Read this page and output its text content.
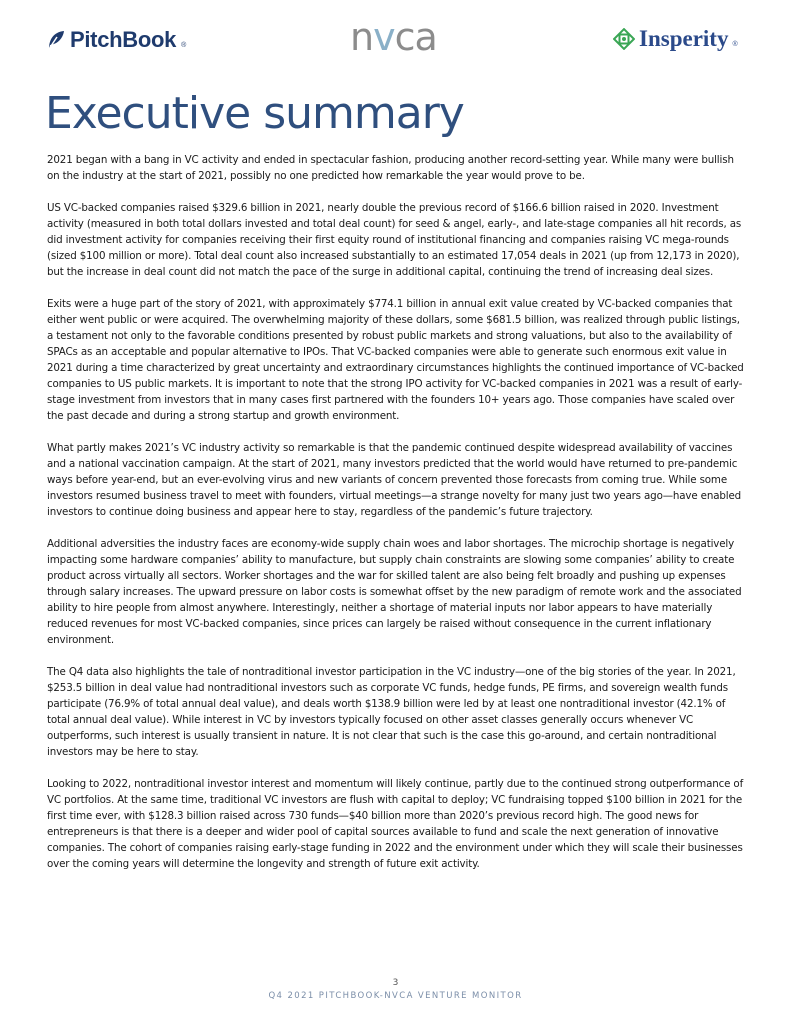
PitchBook ®	nvca	Insperity ®
Executive summary

2021 began with a bang in VC activity and ended in spectacular fashion, producing another record-setting year. While many were bullish on the industry at the start of 2021, possibly no one predicted how remarkable the year would prove to be.

US VC-backed companies raised $329.6 billion in 2021, nearly double the previous record of $166.6 billion raised in 2020. Investment activity (measured in both total dollars invested and total deal count) for seed & angel, early-, and late-stage companies all hit records, as did investment activity for companies receiving their first equity round of institutional financing and companies raising VC mega-rounds (sized $100 million or more). Total deal count also increased substantially to an estimated 17,054 deals in 2021 (up from 12,173 in 2020), but the increase in deal count did not match the pace of the surge in additional capital, continuing the trend of increasing deal sizes.

Exits were a huge part of the story of 2021, with approximately $774.1 billion in annual exit value created by VC-backed companies that either went public or were acquired. The overwhelming majority of these dollars, some $681.5 billion, was realized through public listings, a testament not only to the favorable conditions presented by robust public markets and strong valuations, but also to the availability of SPACs as an acceptable and popular alternative to IPOs. That VC-backed companies were able to generate such enormous exit value in 2021 during a time characterized by great uncertainty and extraordinary circumstances highlights the continued importance of VC-backed companies to US public markets. It is important to note that the strong IPO activity for VC-backed companies in 2021 was a result of early-stage investment from investors that in many cases first partnered with the founders 10+ years ago. Those companies have scaled over the past decade and during a strong startup and growth environment.

What partly makes 2021’s VC industry activity so remarkable is that the pandemic continued despite widespread availability of vaccines and a national vaccination campaign. At the start of 2021, many investors predicted that the world would have returned to pre-pandemic ways before year-end, but an ever-evolving virus and new variants of concern prevented those forecasts from coming true. While some investors resumed business travel to meet with founders, virtual meetings—a strange novelty for many just two years ago—have enabled investors to continue doing business and appear here to stay, regardless of the pandemic’s future trajectory.

Additional adversities the industry faces are economy-wide supply chain woes and labor shortages. The microchip shortage is negatively impacting some hardware companies’ ability to manufacture, but supply chain constraints are slowing some companies’ ability to create product across virtually all sectors. Worker shortages and the war for skilled talent are also being felt broadly and pushing up expenses through salary increases. The upward pressure on labor costs is somewhat offset by the new paradigm of remote work and the associated ability to hire people from almost anywhere. Interestingly, neither a shortage of material inputs nor labor appears to have materially reduced revenues for most VC-backed companies, since prices can largely be raised without consequence in the current inflationary environment.

The Q4 data also highlights the tale of nontraditional investor participation in the VC industry—one of the big stories of the year. In 2021, $253.5 billion in deal value had nontraditional investors such as corporate VC funds, hedge funds, PE firms, and sovereign wealth funds participate (76.9% of total annual deal value), and deals worth $138.9 billion were led by at least one nontraditional investor (42.1% of total annual deal value). While interest in VC by investors typically focused on other asset classes generally occurs whenever VC outperforms, such interest is usually transient in nature. It is not clear that such is the case this go-around, and certain nontraditional investors may be here to stay.

Looking to 2022, nontraditional investor interest and momentum will likely continue, partly due to the continued strong outperformance of VC portfolios. At the same time, traditional VC investors are flush with capital to deploy; VC fundraising topped $100 billion in 2021 for the first time ever, with $128.3 billion raised across 730 funds—$40 billion more than 2020’s previous record high. The good news for entrepreneurs is that there is a deeper and wider pool of capital sources available to fund and scale the next generation of innovative companies. The cohort of companies raising early-stage funding in 2022 and the environment under which they will scale their businesses over the coming years will determine the longevity and strength of future exit activity.

3
Q4 2021 PITCHBOOK-NVCA VENTURE MONITOR
